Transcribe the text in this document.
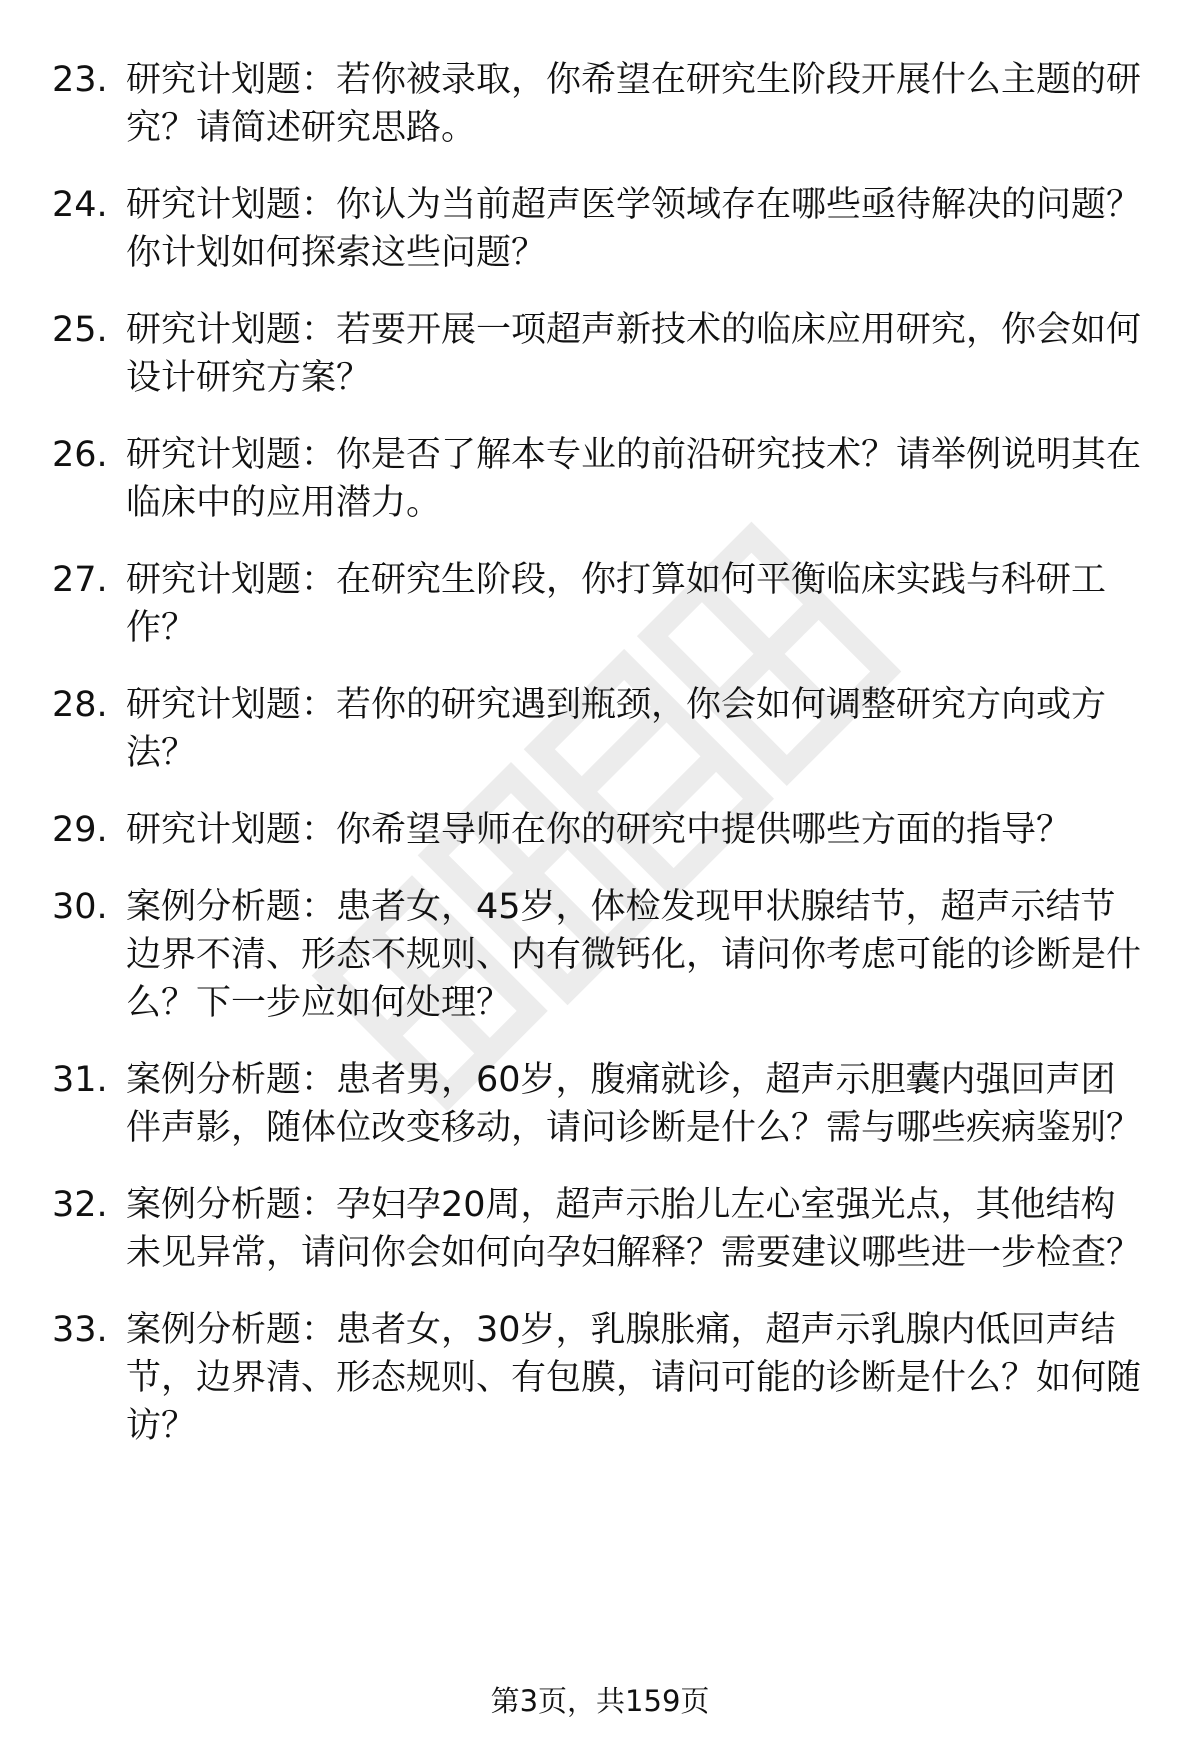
23. 研究计划题：若你被录取，你希望在研究生阶段开展什么主题的研究？请简述研究思路。
24. 研究计划题：你认为当前超声医学领域存在哪些亟待解决的问题？你计划如何探索这些问题？
25. 研究计划题：若要开展一项超声新技术的临床应用研究，你会如何设计研究方案？
26. 研究计划题：你是否了解本专业的前沿研究技术？请举例说明其在临床中的应用潜力。
27. 研究计划题：在研究生阶段，你打算如何平衡临床实践与科研工作？
28. 研究计划题：若你的研究遇到瓶颈，你会如何调整研究方向或方法？
29. 研究计划题：你希望导师在你的研究中提供哪些方面的指导？
30. 案例分析题：患者女，45岁，体检发现甲状腺结节，超声示结节边界不清、形态不规则、内有微钙化，请问你考虑可能的诊断是什么？下一步应如何处理？
31. 案例分析题：患者男，60岁，腹痛就诊，超声示胆囊内强回声团伴声影，随体位改变移动，请问诊断是什么？需与哪些疾病鉴别？
32. 案例分析题：孕妇孕20周，超声示胎儿左心室强光点，其他结构未见异常，请问你会如何向孕妇解释？需要建议哪些进一步检查？
33. 案例分析题：患者女，30岁，乳腺胀痛，超声示乳腺内低回声结节，边界清、形态规则、有包膜，请问可能的诊断是什么？如何随访？
第3页，共159页
